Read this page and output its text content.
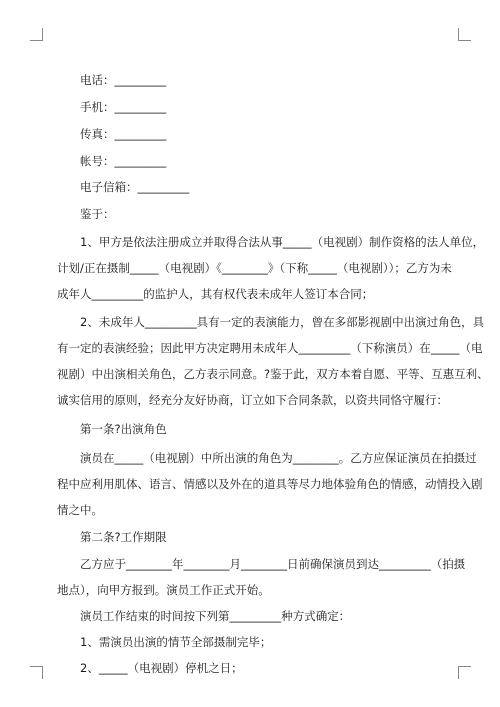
电话：_________
手机：_________
传真：_________
帐号：_________
电子信箱：_________
鉴于：
1、甲方是依法注册成立并取得合法从事_____（电视剧）制作资格的法人单位，
计划/正在摄制_____（电视剧）《________》（下称_____（电视剧））；乙方为未
成年人_________的监护人，其有权代表未成年人签订本合同；
2、未成年人_________具有一定的表演能力，曾在多部影视剧中出演过角色，具
有一定的表演经验；因此甲方决定聘用未成年人_________（下称演员）在_____（电
视剧）中出演相关角色，乙方表示同意。?鉴于此，双方本着自愿、平等、互惠互利、
诚实信用的原则，经充分友好协商，订立如下合同条款，以资共同恪守履行：
第一条?出演角色
演员在_____（电视剧）中所出演的角色为________。乙方应保证演员在拍摄过
程中应利用肌体、语言、情感以及外在的道具等尽力地体验角色的情感，动情投入剧
情之中。
第二条?工作期限
乙方应于________年________月________日前确保演员到达_________（拍摄
地点），向甲方报到。演员工作正式开始。
演员工作结束的时间按下列第_________种方式确定：
1、需演员出演的情节全部摄制完毕；
2、_____（电视剧）停机之日；
